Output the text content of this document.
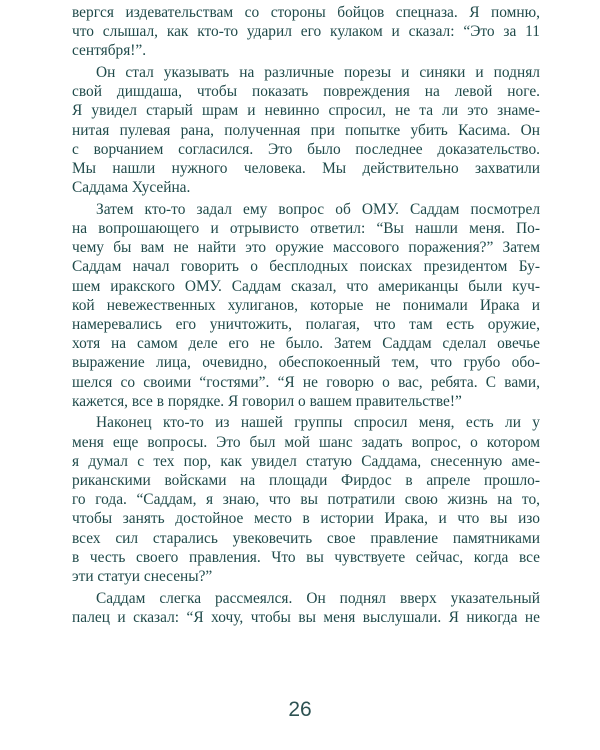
вергся издевательствам со стороны бойцов спецназа. Я помню,
что слышал, как кто-то ударил его кулаком и сказал: “Это за 11
сентября!”.
Он стал указывать на различные порезы и синяки и поднял
свой дишдаша, чтобы показать повреждения на левой ноге.
Я увидел старый шрам и невинно спросил, не та ли это знаме-
нитая пулевая рана, полученная при попытке убить Касима. Он
с ворчанием согласился. Это было последнее доказательство.
Мы нашли нужного человека. Мы действительно захватили
Саддама Хусейна.
Затем кто-то задал ему вопрос об ОМУ. Саддам посмотрел
на вопрошающего и отрывисто ответил: “Вы нашли меня. По-
чему бы вам не найти это оружие массового поражения?” Затем
Саддам начал говорить о бесплодных поисках президентом Бу-
шем иракского ОМУ. Саддам сказал, что американцы были куч-
кой невежественных хулиганов, которые не понимали Ирака и
намеревались его уничтожить, полагая, что там есть оружие,
хотя на самом деле его не было. Затем Саддам сделал овечье
выражение лица, очевидно, обеспокоенный тем, что грубо обо-
шелся со своими “гостями”. “Я не говорю о вас, ребята. С вами,
кажется, все в порядке. Я говорил о вашем правительстве!”
Наконец кто-то из нашей группы спросил меня, есть ли у
меня еще вопросы. Это был мой шанс задать вопрос, о котором
я думал с тех пор, как увидел статую Саддама, снесенную аме-
риканскими войсками на площади Фирдос в апреле прошло-
го года. “Саддам, я знаю, что вы потратили свою жизнь на то,
чтобы занять достойное место в истории Ирака, и что вы изо
всех сил старались увековечить свое правление памятниками
в честь своего правления. Что вы чувствуете сейчас, когда все
эти статуи снесены?”
Саддам слегка рассмеялся. Он поднял вверх указательный
палец и сказал: “Я хочу, чтобы вы меня выслушали. Я никогда не
26
